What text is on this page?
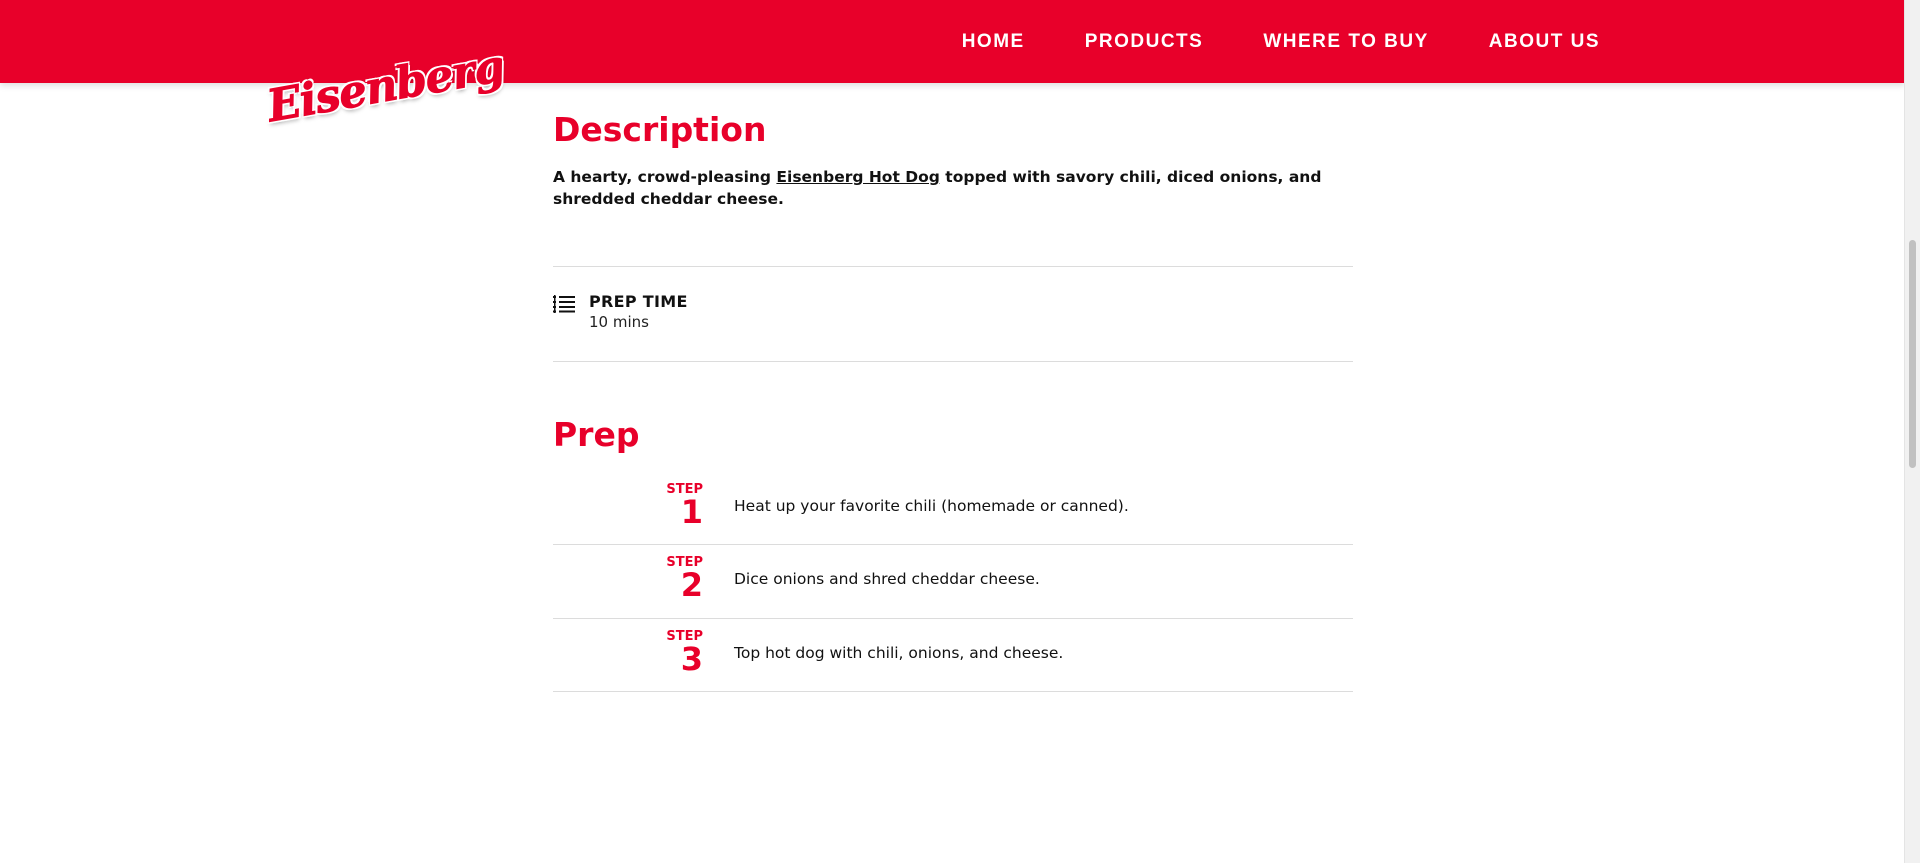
HOME	PRODUCTS	WHERE TO BUY	ABOUT US
Eisenberg Description

A hearty, crowd-pleasing Eisenberg Hot Dog topped with savory chili, diced onions, and shredded cheddar cheese.

PREP TIME
10 mins
Prep
STEP
1 Heat up your favorite chili (homemade or canned).
STEP
2 Dice onions and shred cheddar cheese.
STEP
3 Top hot dog with chili, onions, and cheese.
